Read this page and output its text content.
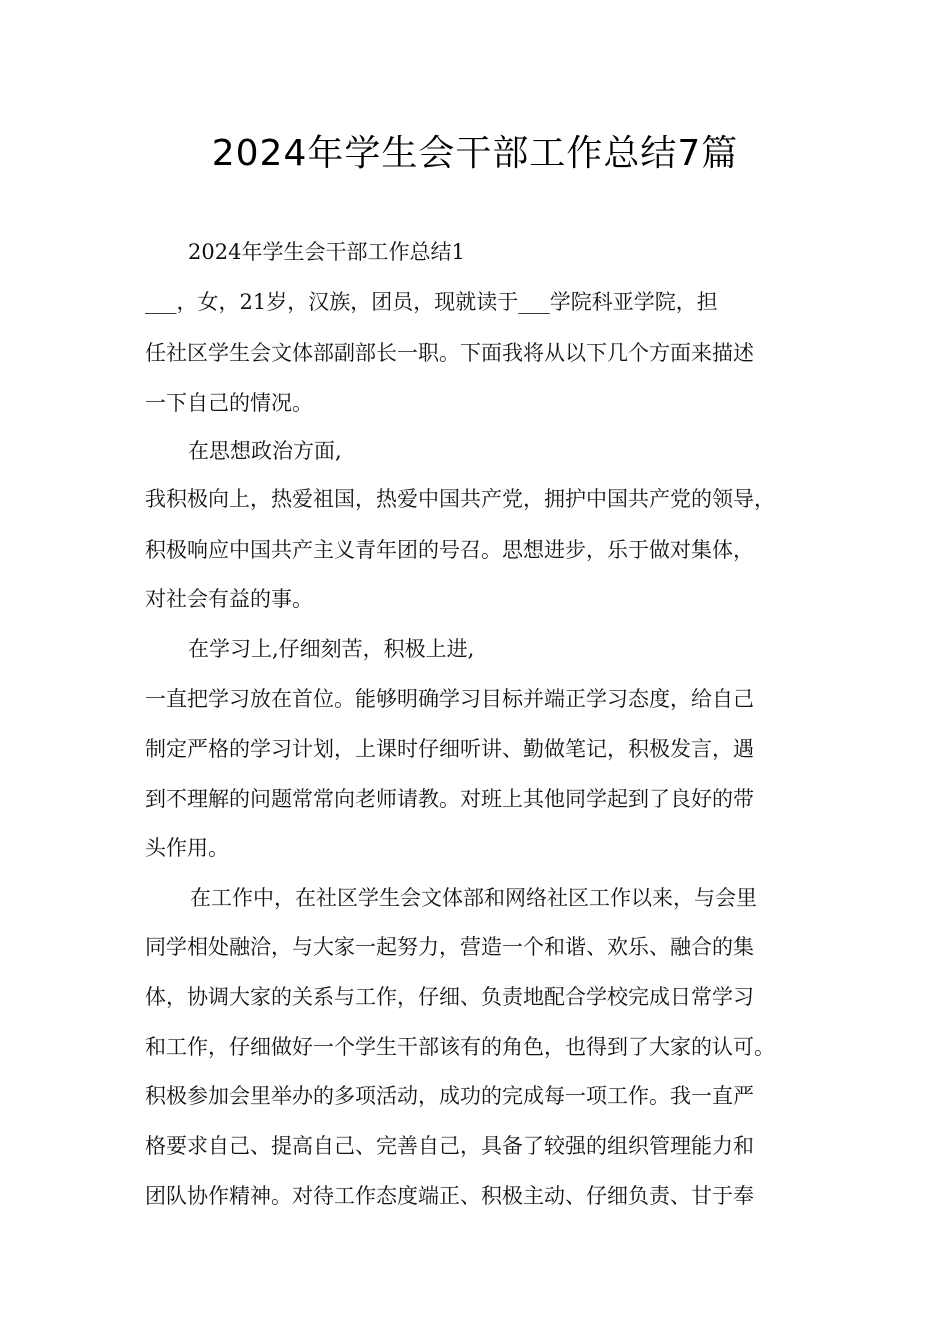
2024年学生会干部工作总结7篇
2024年学生会干部工作总结1
___，女，21岁，汉族，团员，现就读于___学院科亚学院，担
任社区学生会文体部副部长一职。下面我将从以下几个方面来描述
一下自己的情况。
在思想政治方面,
我积极向上，热爱祖国，热爱中国共产党，拥护中国共产党的领导，
积极响应中国共产主义青年团的号召。思想进步，乐于做对集体，
对社会有益的事。
在学习上,仔细刻苦，积极上进,
一直把学习放在首位。能够明确学习目标并端正学习态度，给自己
制定严格的学习计划，上课时仔细听讲、勤做笔记，积极发言，遇
到不理解的问题常常向老师请教。对班上其他同学起到了良好的带
头作用。
在工作中，在社区学生会文体部和网络社区工作以来，与会里
同学相处融洽，与大家一起努力，营造一个和谐、欢乐、融合的集
体，协调大家的关系与工作，仔细、负责地配合学校完成日常学习
和工作，仔细做好一个学生干部该有的角色，也得到了大家的认可。
积极参加会里举办的多项活动，成功的完成每一项工作。我一直严
格要求自己、提高自己、完善自己，具备了较强的组织管理能力和
团队协作精神。对待工作态度端正、积极主动、仔细负责、甘于奉
